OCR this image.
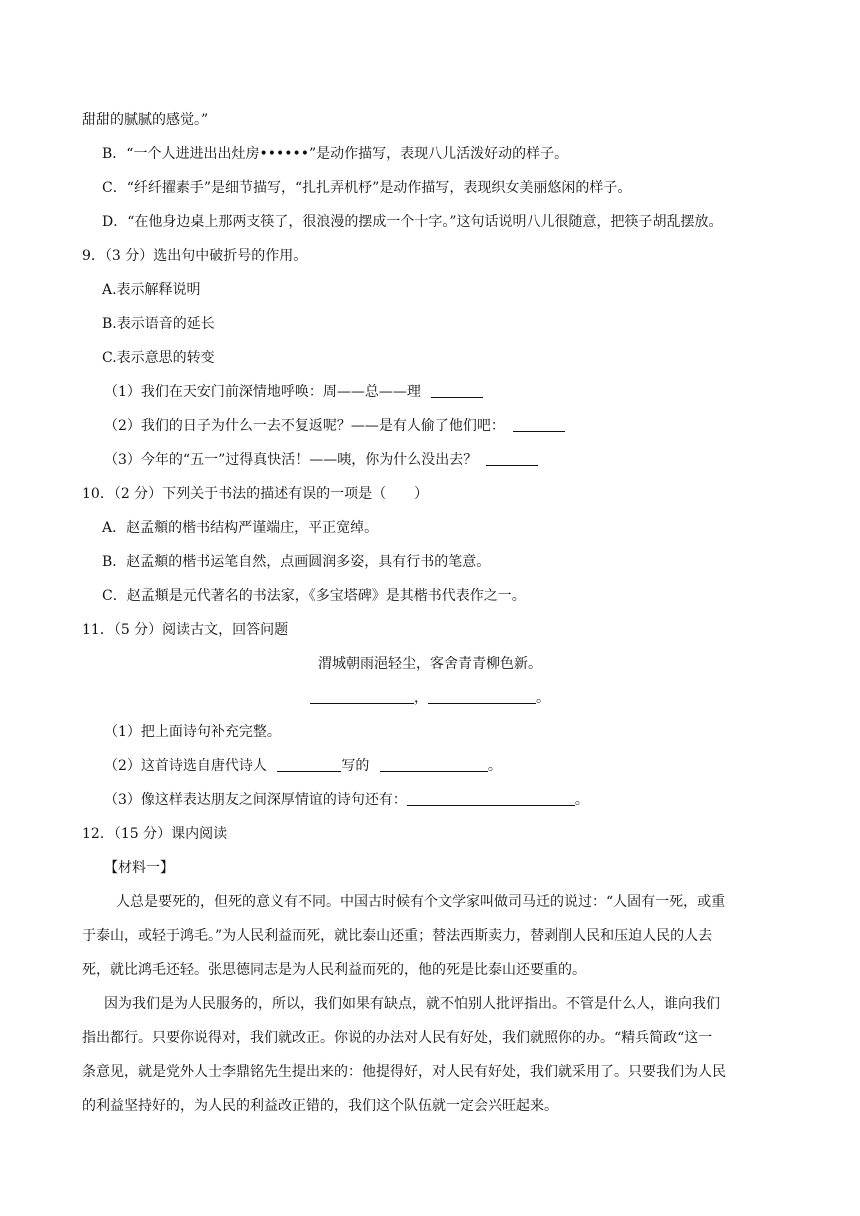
甜甜的腻腻的感觉。”
B．“一个人进进出出灶房••••••”是动作描写，表现八儿活泼好动的样子。
C．“纤纤擢素手”是细节描写，“扎扎弄机杼”是动作描写，表现织女美丽悠闲的样子。
D．“在他身边桌上那两支筷了，很浪漫的摆成一个十字。”这句话说明八儿很随意，把筷子胡乱摆放。
9．（3 分）选出句中破折号的作用。
A.表示解释说明
B.表示语音的延长
C.表示意思的转变
（1）我们在天安门前深情地呼唤：周——总——理
（2）我们的日子为什么一去不复返呢？——是有人偷了他们吧：
（3）今年的“五一”过得真快活！——咦，你为什么没出去？
10．（2 分）下列关于书法的描述有误的一项是（　　）
A．赵孟頫的楷书结构严谨端庄，平正宽绰。
B．赵孟頫的楷书运笔自然，点画圆润多姿，具有行书的笔意。
C．赵孟頫是元代著名的书法家，《多宝塔碑》是其楷书代表作之一。
11．（5 分）阅读古文，回答问题
渭城朝雨浥轻尘，客舍青青柳色新。
，	。
（1）把上面诗句补充完整。
（2）这首诗选自唐代诗人	写的	。
（3）像这样表达朋友之间深厚情谊的诗句还有：	。
12．（15 分）课内阅读
【材料一】
人总是要死的，但死的意义有不同。中国古时候有个文学家叫做司马迁的说过：“人固有一死，或重
于泰山，或轻于鸿毛。”为人民利益而死，就比泰山还重；替法西斯卖力，替剥削人民和压迫人民的人去
死，就比鸿毛还轻。张思德同志是为人民利益而死的，他的死是比泰山还要重的。
因为我们是为人民服务的，所以，我们如果有缺点，就不怕别人批评指出。不管是什么人，谁向我们
指出都行。只要你说得对，我们就改正。你说的办法对人民有好处，我们就照你的办。“精兵简政“这一
条意见，就是党外人士李鼎铭先生提出来的：他提得好，对人民有好处，我们就采用了。只要我们为人民
的利益坚持好的，为人民的利益改正错的，我们这个队伍就一定会兴旺起来。
